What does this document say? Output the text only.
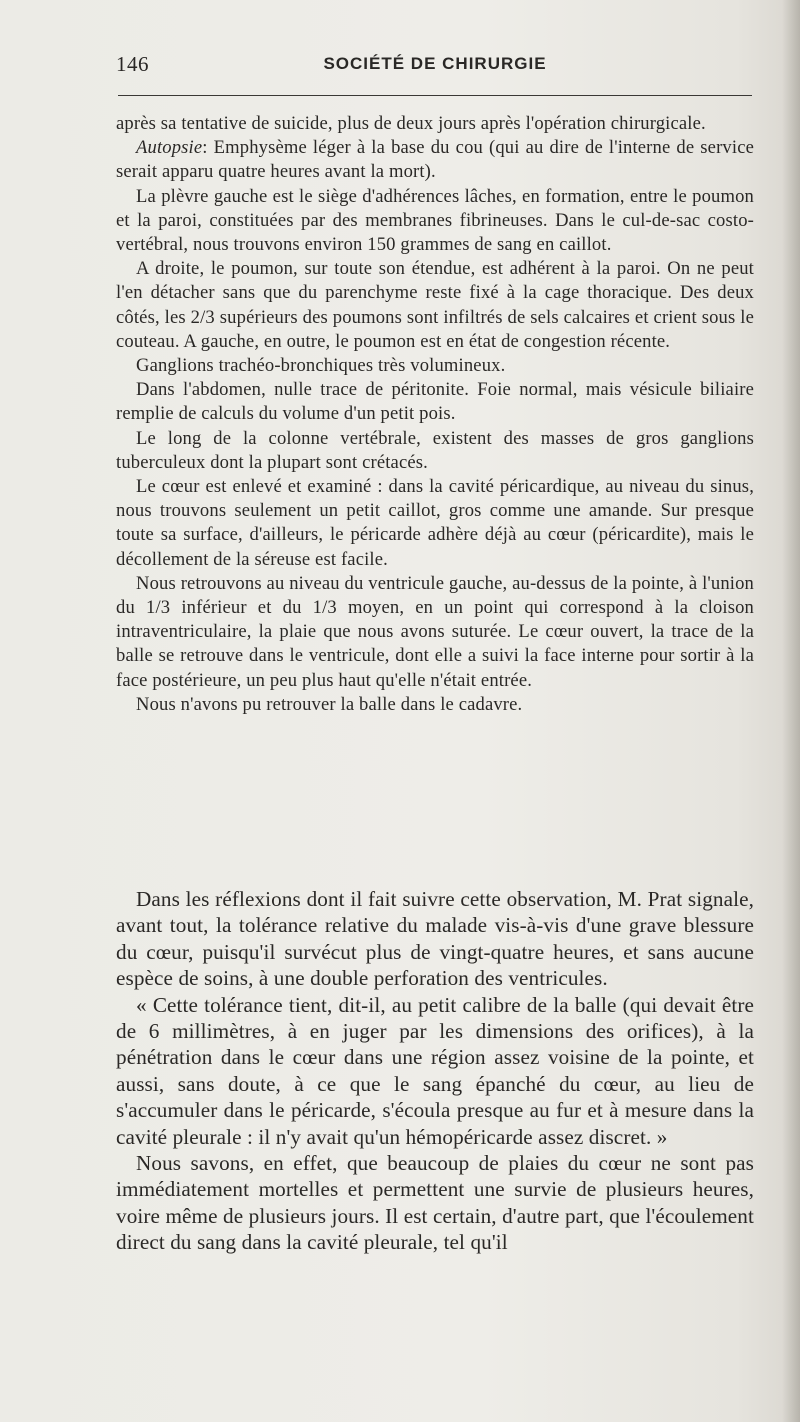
146	SOCIÉTÉ DE CHIRURGIE

après sa tentative de suicide, plus de deux jours après l'opération chirurgicale.

Autopsie: Emphysème léger à la base du cou (qui au dire de l'interne de service serait apparu quatre heures avant la mort).

La plèvre gauche est le siège d'adhérences lâches, en formation, entre le poumon et la paroi, constituées par des membranes fibrineuses. Dans le cul-de-sac costo-vertébral, nous trouvons environ 150 grammes de sang en caillot.

A droite, le poumon, sur toute son étendue, est adhérent à la paroi. On ne peut l'en détacher sans que du parenchyme reste fixé à la cage thoracique. Des deux côtés, les 2/3 supérieurs des poumons sont infiltrés de sels calcaires et crient sous le couteau. A gauche, en outre, le poumon est en état de congestion récente.

Ganglions trachéo-bronchiques très volumineux.

Dans l'abdomen, nulle trace de péritonite. Foie normal, mais vésicule biliaire remplie de calculs du volume d'un petit pois.

Le long de la colonne vertébrale, existent des masses de gros ganglions tuberculeux dont la plupart sont crétacés.

Le cœur est enlevé et examiné : dans la cavité péricardique, au niveau du sinus, nous trouvons seulement un petit caillot, gros comme une amande. Sur presque toute sa surface, d'ailleurs, le péricarde adhère déjà au cœur (péricardite), mais le décollement de la séreuse est facile.

Nous retrouvons au niveau du ventricule gauche, au-dessus de la pointe, à l'union du 1/3 inférieur et du 1/3 moyen, en un point qui correspond à la cloison intraventriculaire, la plaie que nous avons suturée. Le cœur ouvert, la trace de la balle se retrouve dans le ventricule, dont elle a suivi la face interne pour sortir à la face postérieure, un peu plus haut qu'elle n'était entrée.

Nous n'avons pu retrouver la balle dans le cadavre.

Dans les réflexions dont il fait suivre cette observation, M. Prat signale, avant tout, la tolérance relative du malade vis-à-vis d'une grave blessure du cœur, puisqu'il survécut plus de vingt-quatre heures, et sans aucune espèce de soins, à une double perforation des ventricules.

« Cette tolérance tient, dit-il, au petit calibre de la balle (qui devait être de 6 millimètres, à en juger par les dimensions des orifices), à la pénétration dans le cœur dans une région assez voisine de la pointe, et aussi, sans doute, à ce que le sang épanché du cœur, au lieu de s'accumuler dans le péricarde, s'écoula presque au fur et à mesure dans la cavité pleurale : il n'y avait qu'un hémopéricarde assez discret. »

Nous savons, en effet, que beaucoup de plaies du cœur ne sont pas immédiatement mortelles et permettent une survie de plusieurs heures, voire même de plusieurs jours. Il est certain, d'autre part, que l'écoulement direct du sang dans la cavité pleurale, tel qu'il
